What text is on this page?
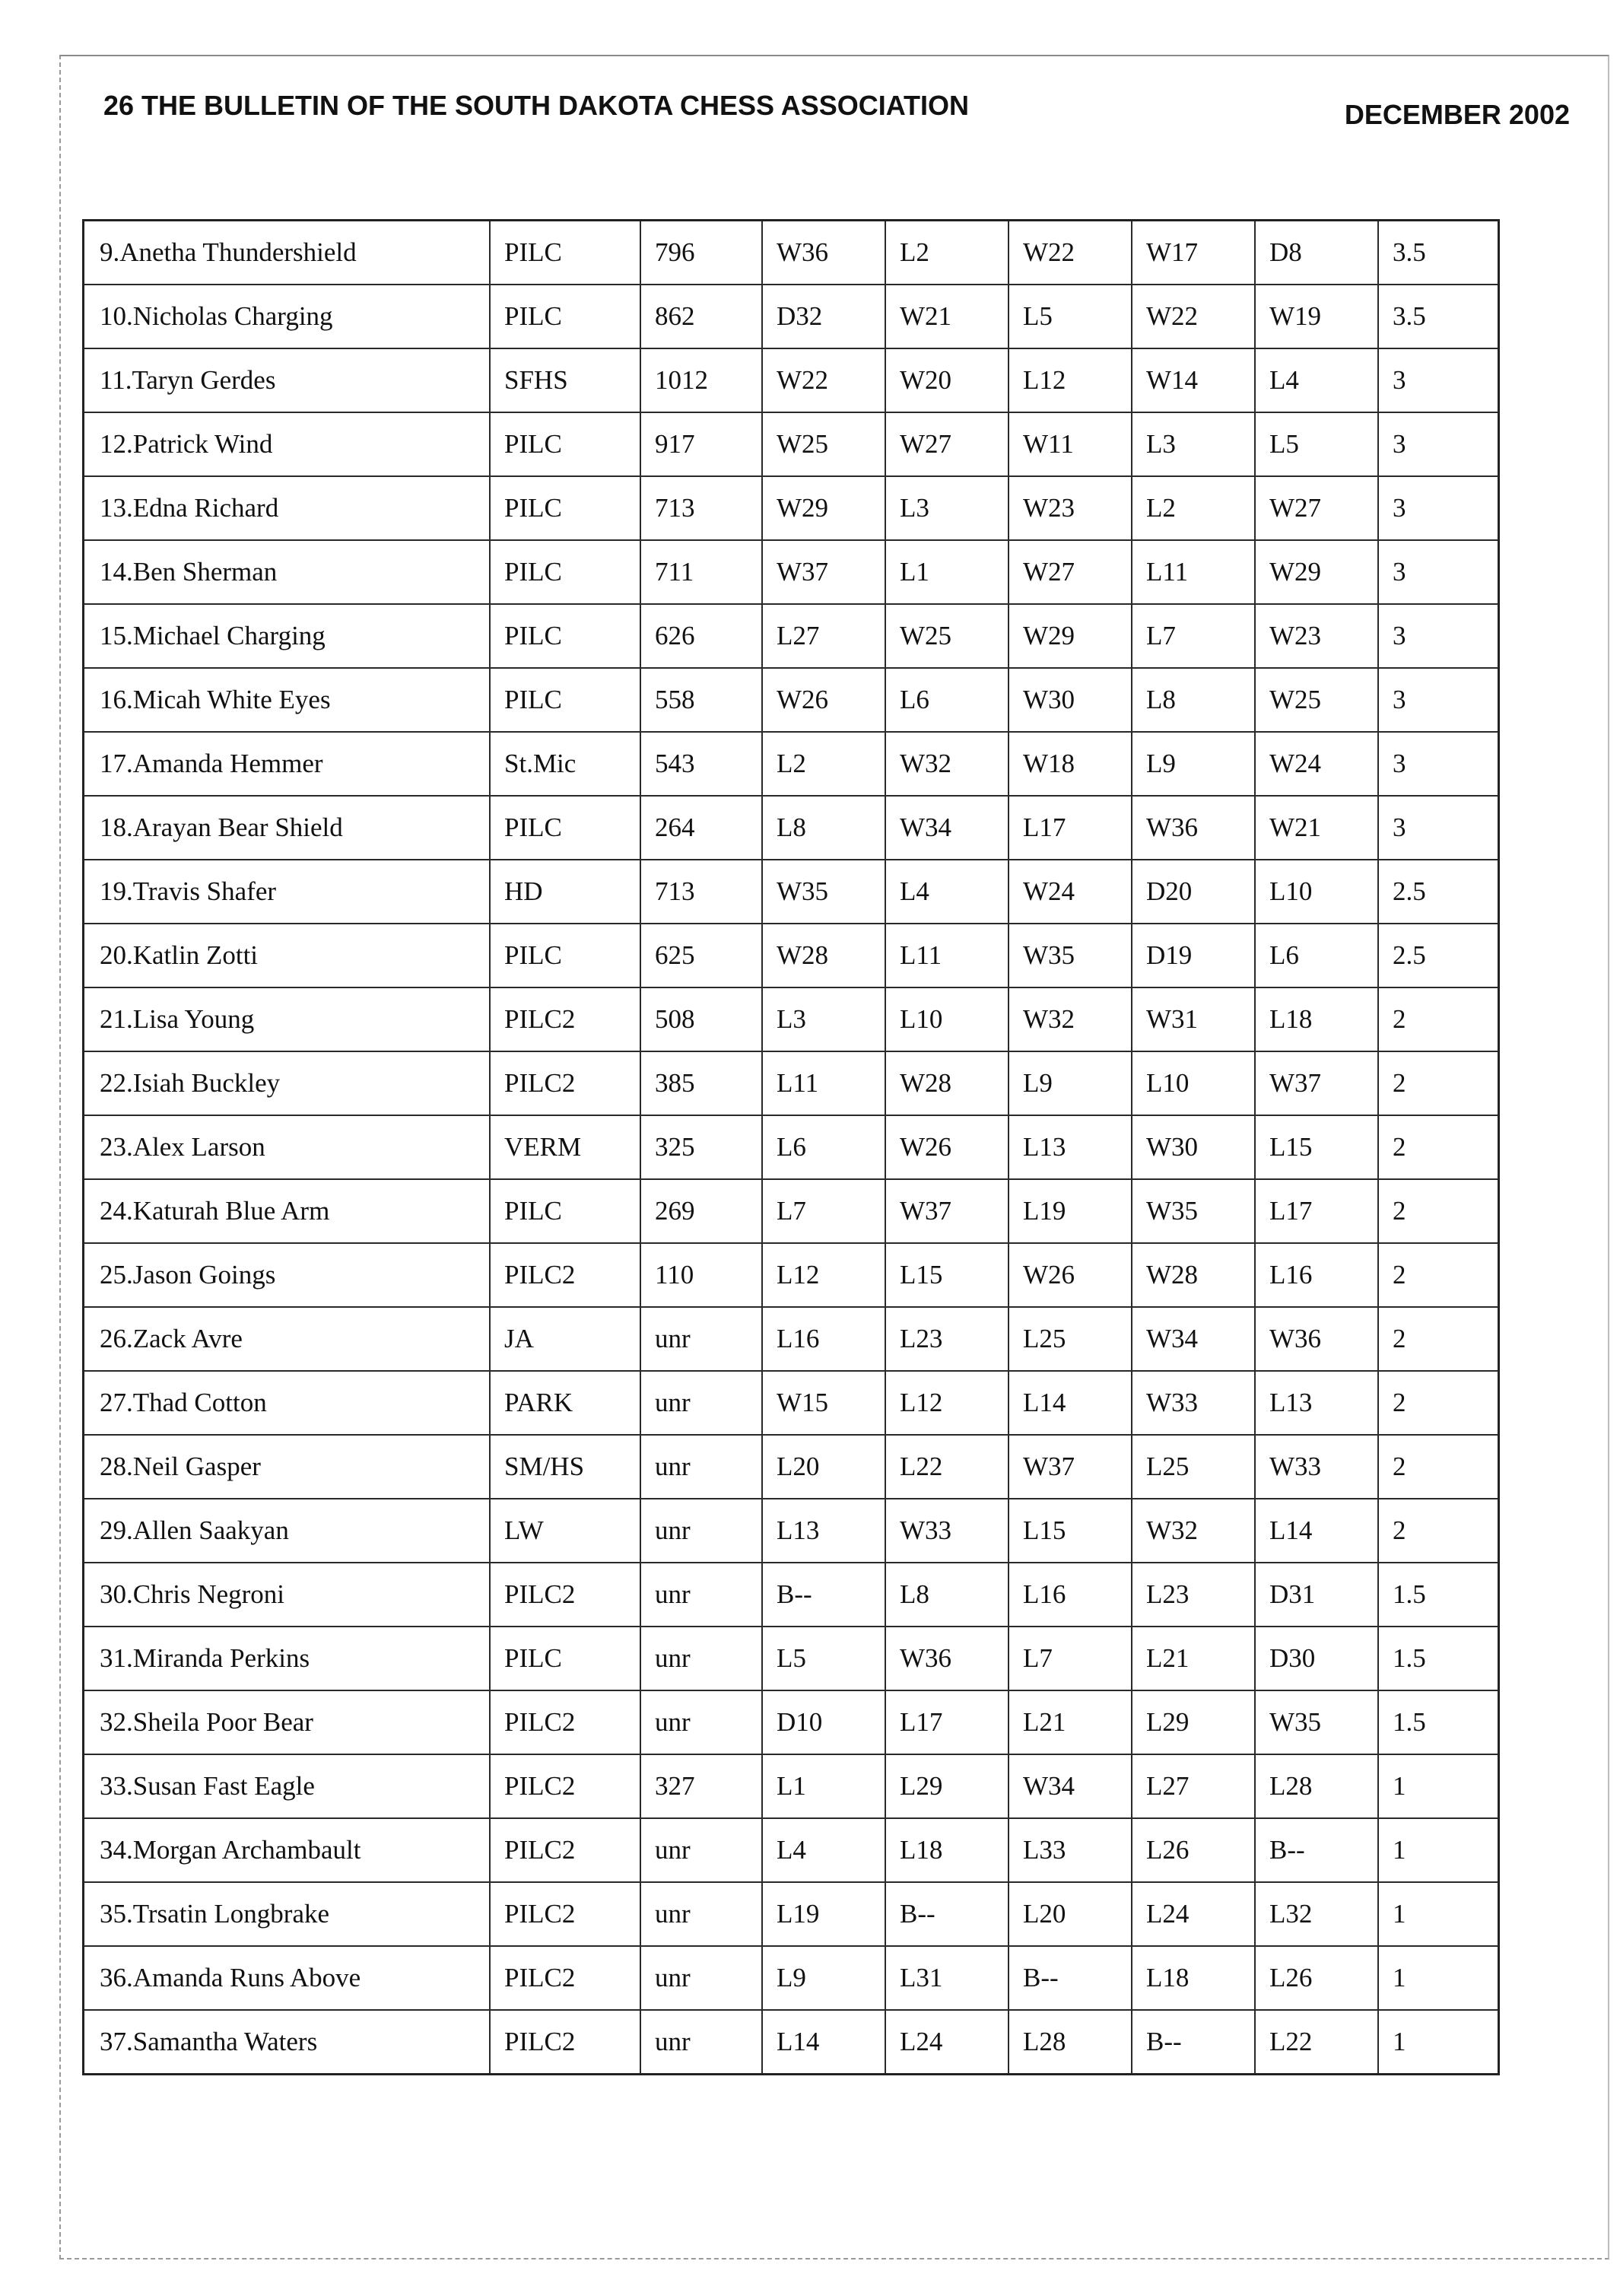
26 THE BULLETIN OF THE SOUTH DAKOTA CHESS ASSOCIATION	DECEMBER 2002
9.Anetha Thundershield	PILC	796	W36	L2	W22	W17	D8	3.5
10.Nicholas Charging	PILC	862	D32	W21	L5	W22	W19	3.5
11.Taryn Gerdes	SFHS	1012	W22	W20	L12	W14	L4	3
12.Patrick Wind	PILC	917	W25	W27	W11	L3	L5	3
13.Edna Richard	PILC	713	W29	L3	W23	L2	W27	3
14.Ben Sherman	PILC	711	W37	L1	W27	L11	W29	3
15.Michael Charging	PILC	626	L27	W25	W29	L7	W23	3
16.Micah White Eyes	PILC	558	W26	L6	W30	L8	W25	3
17.Amanda Hemmer	St.Mic	543	L2	W32	W18	L9	W24	3
18.Arayan Bear Shield	PILC	264	L8	W34	L17	W36	W21	3
19.Travis Shafer	HD	713	W35	L4	W24	D20	L10	2.5
20.Katlin Zotti	PILC	625	W28	L11	W35	D19	L6	2.5
21.Lisa Young	PILC2	508	L3	L10	W32	W31	L18	2
22.Isiah Buckley	PILC2	385	L11	W28	L9	L10	W37	2
23.Alex Larson	VERM	325	L6	W26	L13	W30	L15	2
24.Katurah Blue Arm	PILC	269	L7	W37	L19	W35	L17	2
25.Jason Goings	PILC2	110	L12	L15	W26	W28	L16	2
26.Zack Avre	JA	unr	L16	L23	L25	W34	W36	2
27.Thad Cotton	PARK	unr	W15	L12	L14	W33	L13	2
28.Neil Gasper	SM/HS	unr	L20	L22	W37	L25	W33	2
29.Allen Saakyan	LW	unr	L13	W33	L15	W32	L14	2
30.Chris Negroni	PILC2	unr	B--	L8	L16	L23	D31	1.5
31.Miranda Perkins	PILC	unr	L5	W36	L7	L21	D30	1.5
32.Sheila Poor Bear	PILC2	unr	D10	L17	L21	L29	W35	1.5
33.Susan Fast Eagle	PILC2	327	L1	L29	W34	L27	L28	1
34.Morgan Archambault	PILC2	unr	L4	L18	L33	L26	B--	1
35.Trsatin Longbrake	PILC2	unr	L19	B--	L20	L24	L32	1
36.Amanda Runs Above	PILC2	unr	L9	L31	B--	L18	L26	1
37.Samantha Waters	PILC2	unr	L14	L24	L28	B--	L22	1
